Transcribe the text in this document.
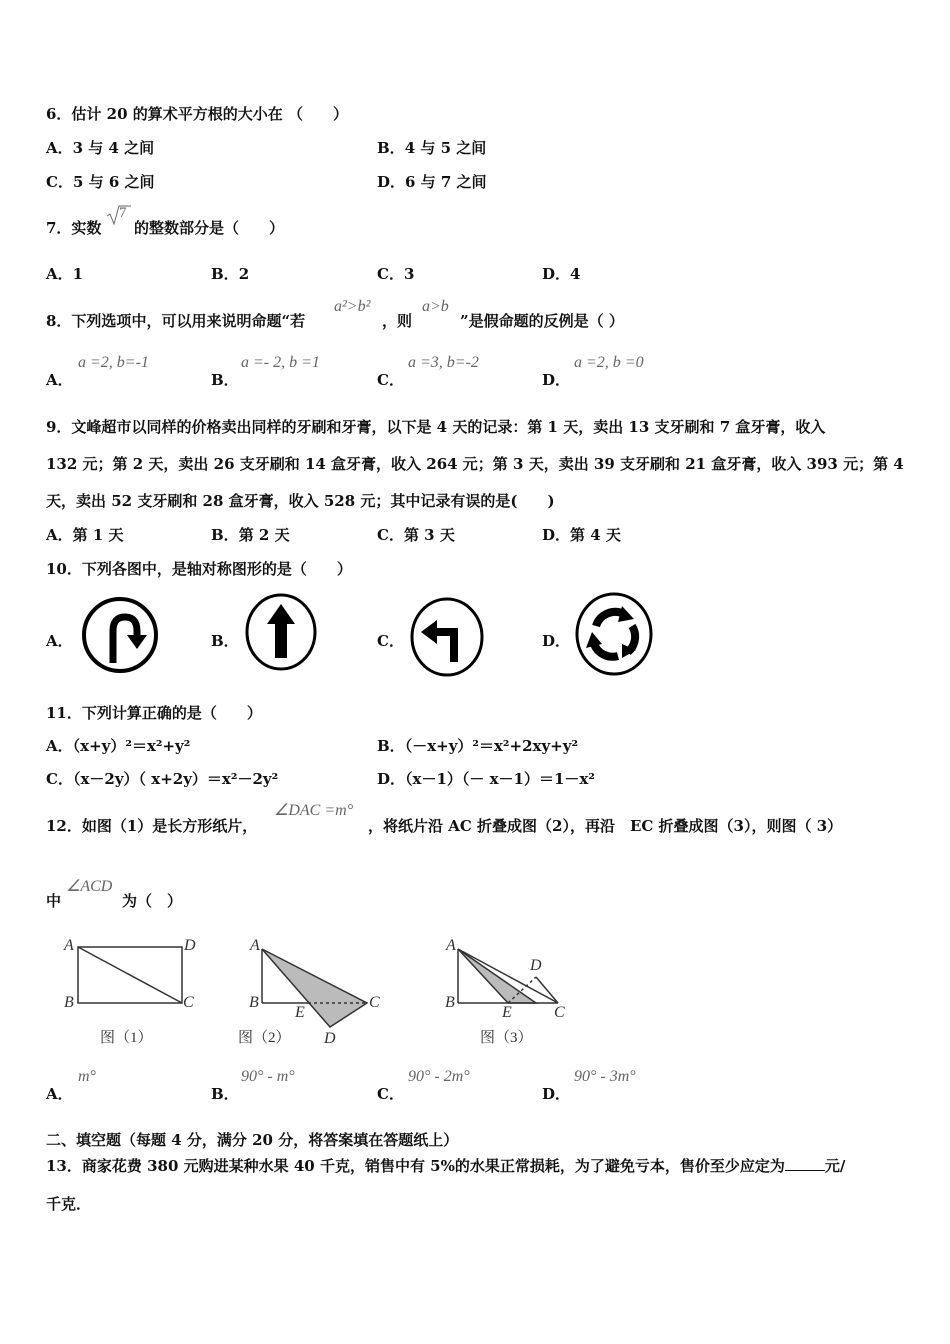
6．估计 20 的算术平方根的大小在 （　　）
A．3 与 4 之间	B．4 与 5 之间
C．5 与 6 之间	D．6 与 7 之间
7．实数
7
的整数部分是（　　）
A．1	B．2	C．3	D．4
8．下列选项中，可以用来说明命题“若
a²>b²
，则
a>b
”是假命题的反例是（ ）
A．
a =2, b=-1
B．
a =- 2, b =1
C．
a =3, b=-2
D．
a =2, b =0
9．文峰超市以同样的价格卖出同样的牙刷和牙膏，以下是 4 天的记录：第 1 天，卖出 13 支牙刷和 7 盒牙膏，收入
132 元；第 2 天，卖出 26 支牙刷和 14 盒牙膏，收入 264 元；第 3 天，卖出 39 支牙刷和 21 盒牙膏，收入 393 元；第 4
天，卖出 52 支牙刷和 28 盒牙膏，收入 528 元；其中记录有误的是(　　)
A．第 1 天	B．第 2 天	C．第 3 天	D．第 4 天
10．下列各图中，是轴对称图形的是（　　）
A．	B．	C．	D．
11．下列计算正确的是（　　）
A．（x+y）²＝x²+y²	B．（－x+y）²＝x²+2xy+y²
C．（x－2y）（ x+2y）＝x²－2y²	D．（x－1）（－ x－1）＝1－x²
12．如图（1）是长方形纸片，
∠DAC =m°
，将纸片沿 AC 折叠成图（2），再沿　EC 折叠成图（3），则图（ 3）
中
∠ACD
为（　）
A	D
B	C
图（1）
A
B	C
E
D
图（2）
A
D
B
E	C
图（3）
A．
m°
B．
90° - m°
C．
90° - 2m°
D．
90° - 3m°
二、填空题（每题 4 分，满分 20 分，将答案填在答题纸上）
13．商家花费 380 元购进某种水果 40 千克，销售中有 5%的水果正常损耗，为了避免亏本，售价至少应定为	元/
千克．
